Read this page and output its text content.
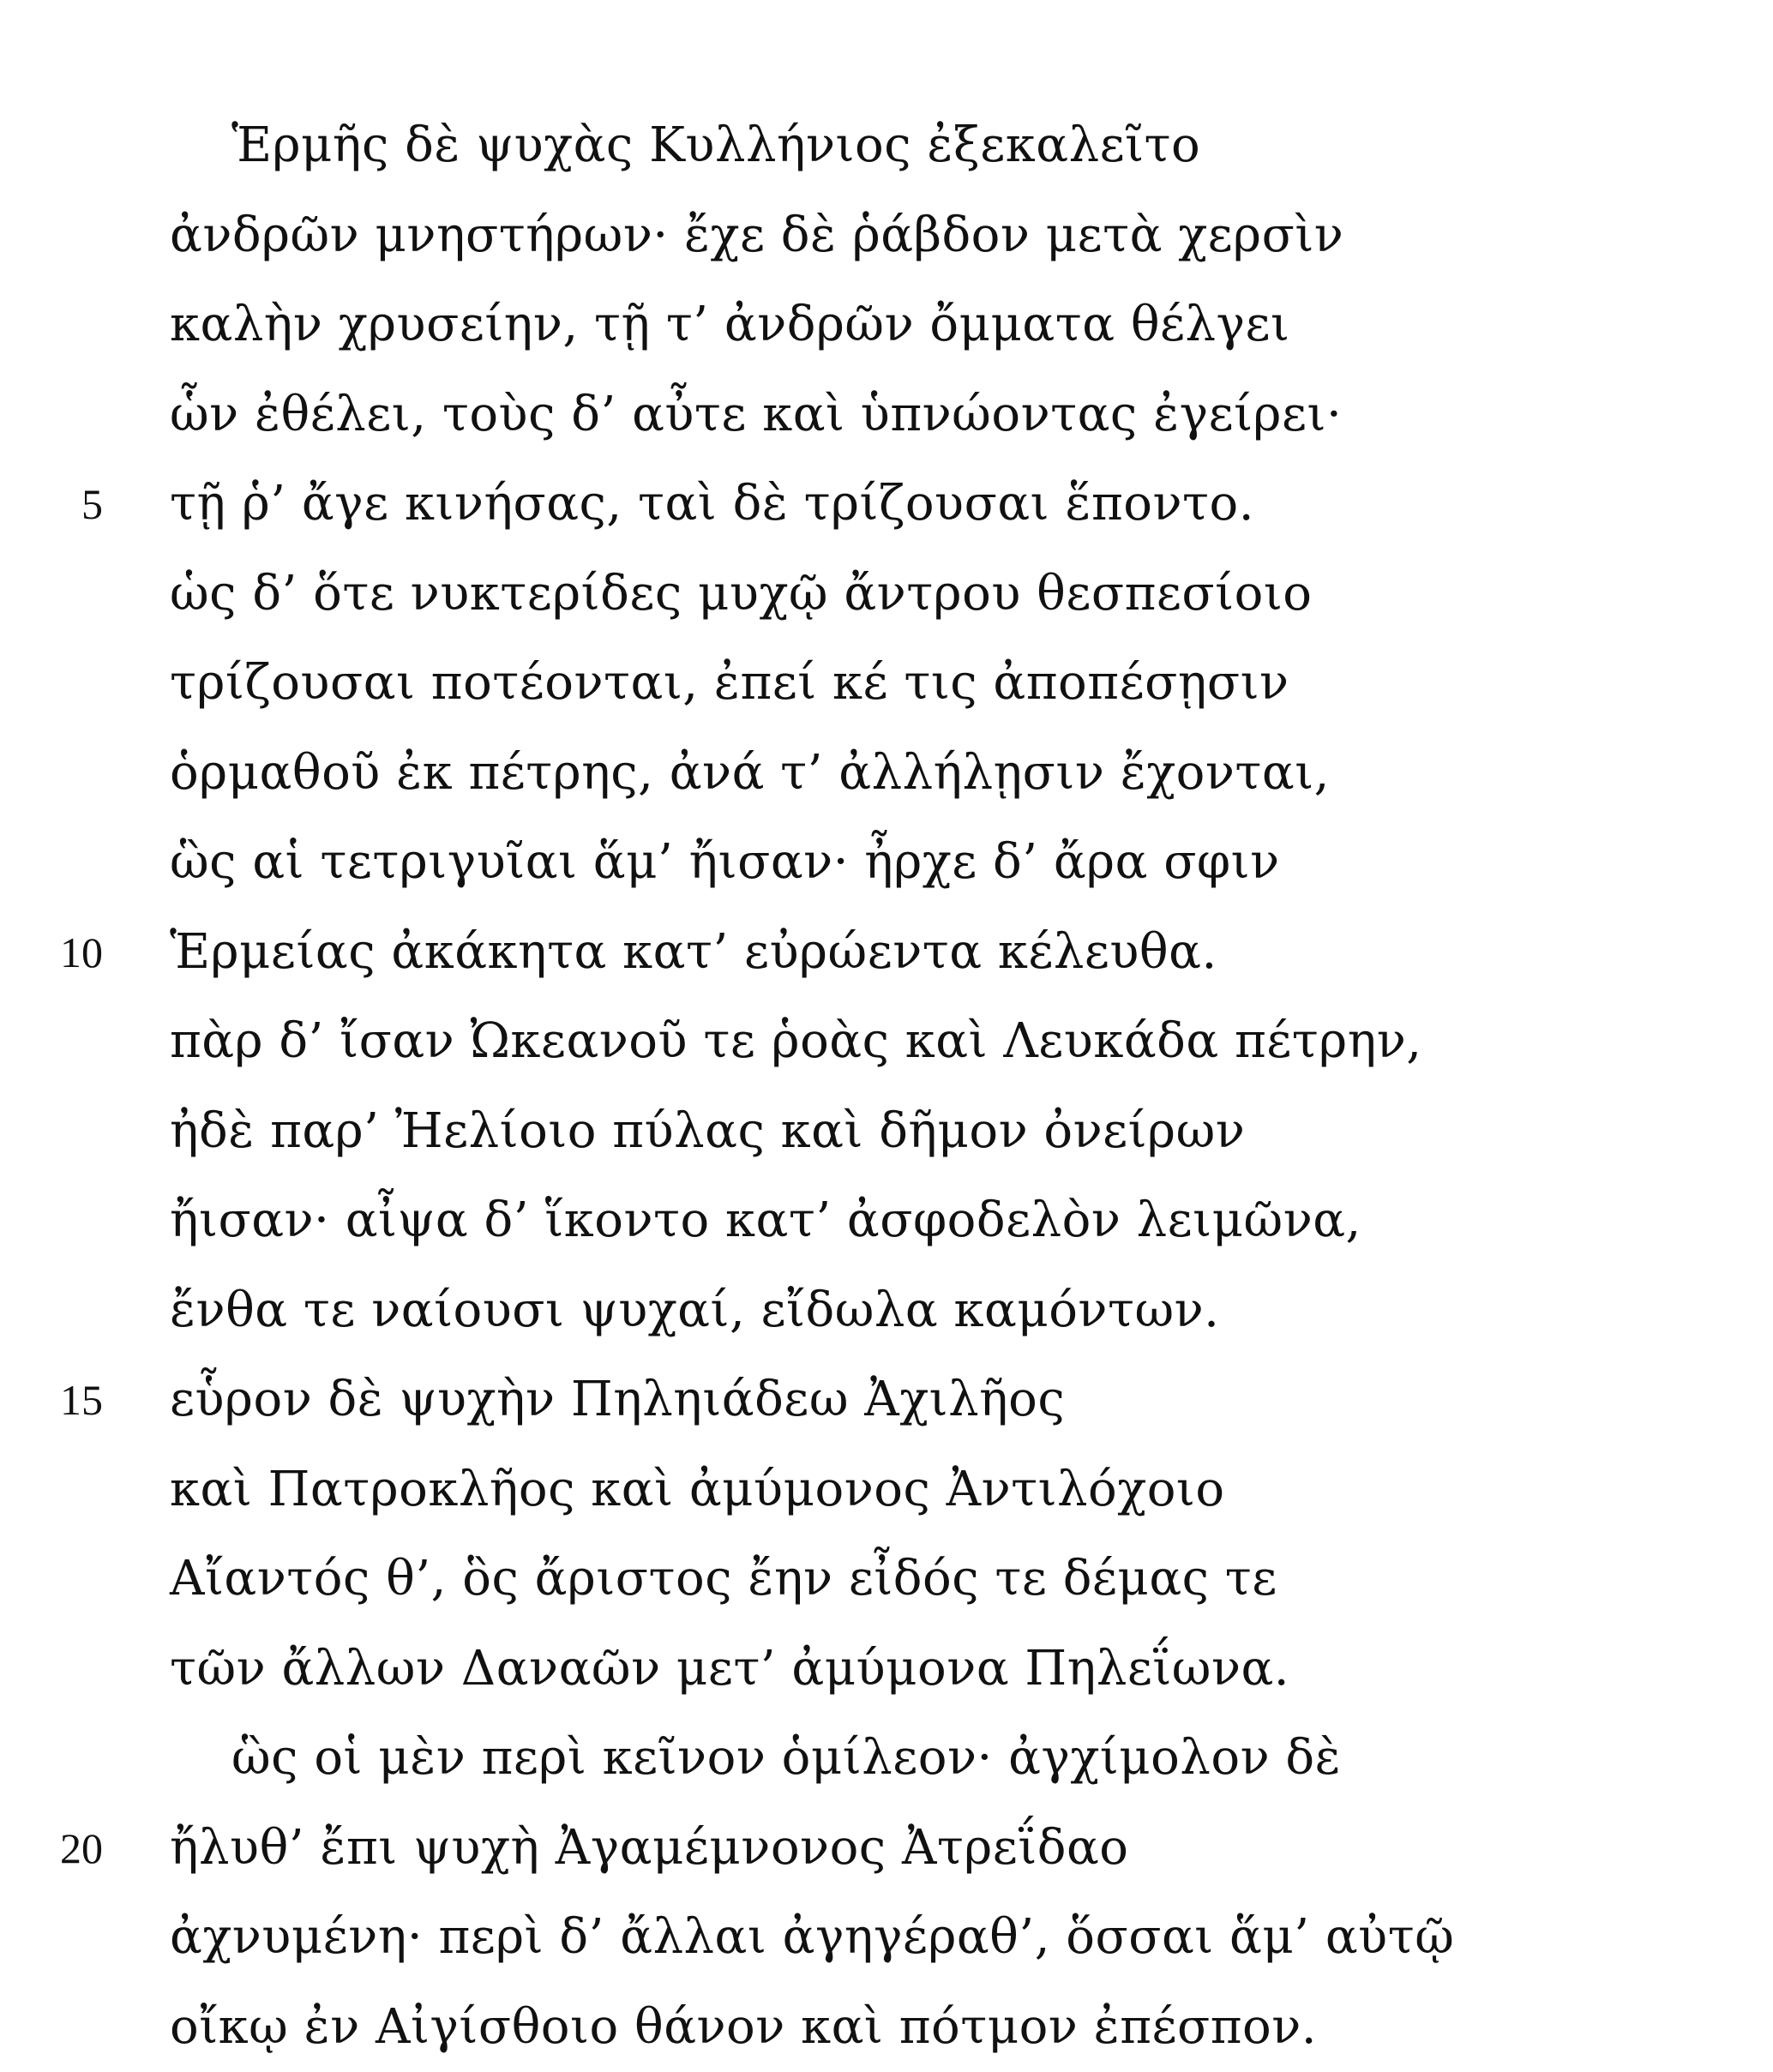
Ἑρμῆς δὲ ψυχὰς Κυλλήνιος ἐξεκαλεῖτο
ἀνδρῶν μνηστήρων· ἔχε δὲ ῥάβδον μετὰ χερσὶν
καλὴν χρυσείην, τῇ τ’ ἀνδρῶν ὄμματα θέλγει
ὧν ἐθέλει, τοὺς δ’ αὖτε καὶ ὑπνώοντας ἐγείρει·
5 τῇ ῥ’ ἄγε κινήσας, ταὶ δὲ τρίζουσαι ἕποντο.
ὡς δ’ ὅτε νυκτερίδες μυχῷ ἄντρου θεσπεσίοιο
τρίζουσαι ποτέονται, ἐπεί κέ τις ἀποπέσῃσιν
ὁρμαθοῦ ἐκ πέτρης, ἀνά τ’ ἀλλήλῃσιν ἔχονται,
ὣς αἱ τετριγυῖαι ἅμ’ ἤισαν· ἦρχε δ’ ἄρα σφιν
10 Ἑρμείας ἀκάκητα κατ’ εὐρώεντα κέλευθα.
πὰρ δ’ ἴσαν Ὠκεανοῦ τε ῥοὰς καὶ Λευκάδα πέτρην,
ἠδὲ παρ’ Ἠελίοιο πύλας καὶ δῆμον ὀνείρων
ἤισαν· αἶψα δ’ ἵκοντο κατ’ ἀσφοδελὸν λειμῶνα,
ἔνθα τε ναίουσι ψυχαί, εἴδωλα καμόντων.
15 εὗρον δὲ ψυχὴν Πηληιάδεω Ἀχιλῆος
καὶ Πατροκλῆος καὶ ἀμύμονος Ἀντιλόχοιο
Αἴαντός θ’, ὃς ἄριστος ἔην εἶδός τε δέμας τε
τῶν ἄλλων Δαναῶν μετ’ ἀμύμονα Πηλεΐωνα.
ὣς οἱ μὲν περὶ κεῖνον ὁμίλεον· ἀγχίμολον δὲ
20 ἤλυθ’ ἔπι ψυχὴ Ἀγαμέμνονος Ἀτρεΐδαο
ἀχνυμένη· περὶ δ’ ἄλλαι ἀγηγέραθ’, ὅσσαι ἅμ’ αὐτῷ
οἴκῳ ἐν Αἰγίσθοιο θάνον καὶ πότμον ἐπέσπον.
